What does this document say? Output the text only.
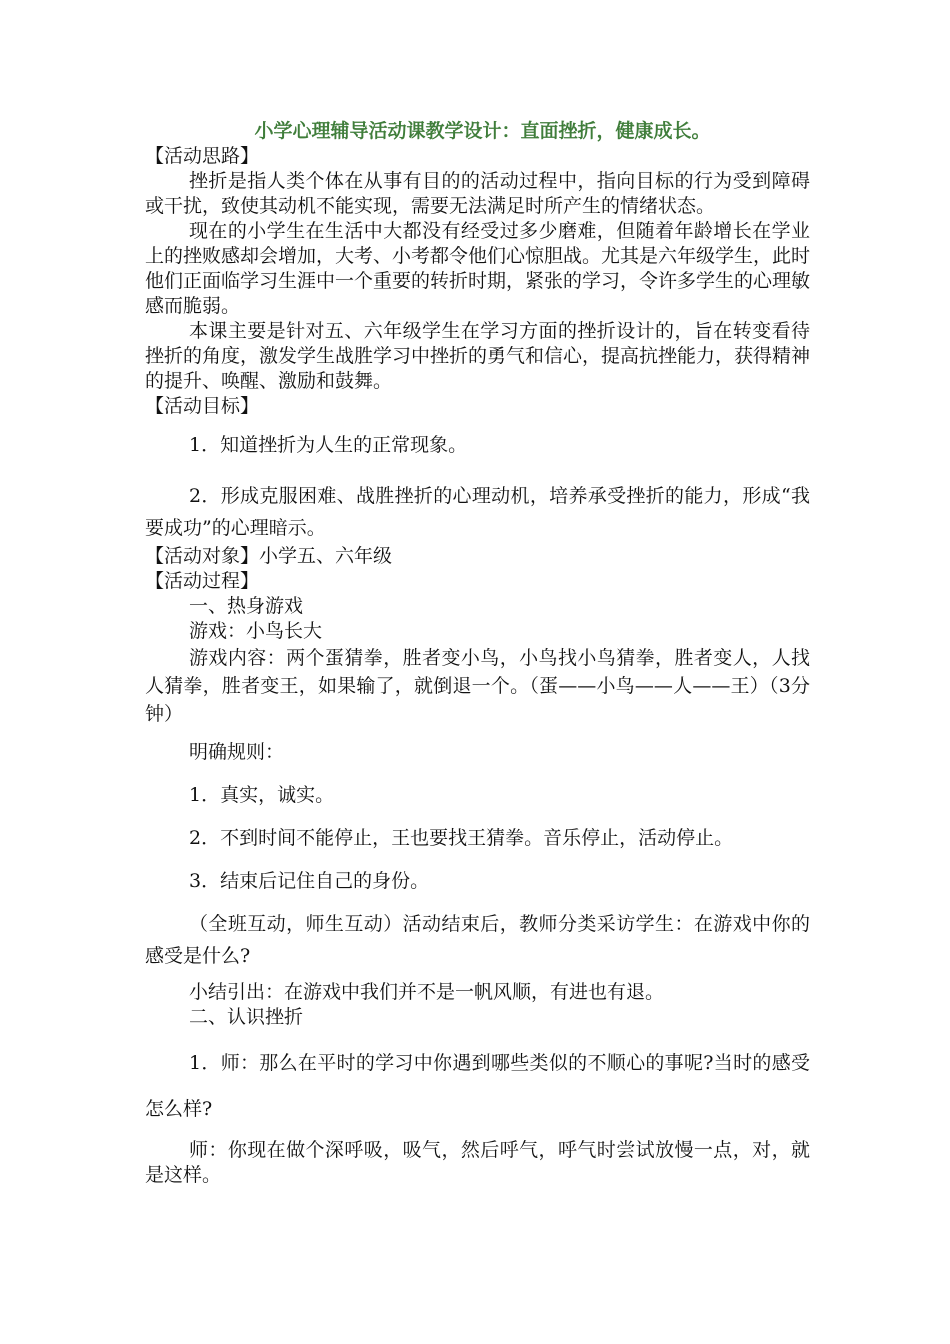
小学心理辅导活动课教学设计：直面挫折，健康成长。

【活动思路】

挫折是指人类个体在从事有目的的活动过程中，指向目标的行为受到障碍或干扰，致使其动机不能实现，需要无法满足时所产生的情绪状态。

现在的小学生在生活中大都没有经受过多少磨难，但随着年龄增长在学业上的挫败感却会增加，大考、小考都令他们心惊胆战。尤其是六年级学生，此时他们正面临学习生涯中一个重要的转折时期，紧张的学习，令许多学生的心理敏感而脆弱。

本课主要是针对五、六年级学生在学习方面的挫折设计的，旨在转变看待挫折的角度，激发学生战胜学习中挫折的勇气和信心，提高抗挫能力，获得精神的提升、唤醒、激励和鼓舞。

【活动目标】

1．知道挫折为人生的正常现象。

2．形成克服困难、战胜挫折的心理动机，培养承受挫折的能力，形成“我要成功”的心理暗示。

【活动对象】小学五、六年级

【活动过程】

一、热身游戏

游戏：小鸟长大

游戏内容：两个蛋猜拳，胜者变小鸟，小鸟找小鸟猜拳，胜者变人，人找人猜拳，胜者变王，如果输了，就倒退一个。（蛋——小鸟——人——王）（3分钟）

明确规则：

1．真实，诚实。

2．不到时间不能停止，王也要找王猜拳。音乐停止，活动停止。

3．结束后记住自己的身份。

（全班互动，师生互动）活动结束后，教师分类采访学生：在游戏中你的感受是什么?

小结引出：在游戏中我们并不是一帆风顺，有进也有退。

二、认识挫折

1．师：那么在平时的学习中你遇到哪些类似的不顺心的事呢?当时的感受怎么样?

师：你现在做个深呼吸，吸气，然后呼气，呼气时尝试放慢一点，对，就是这样。
